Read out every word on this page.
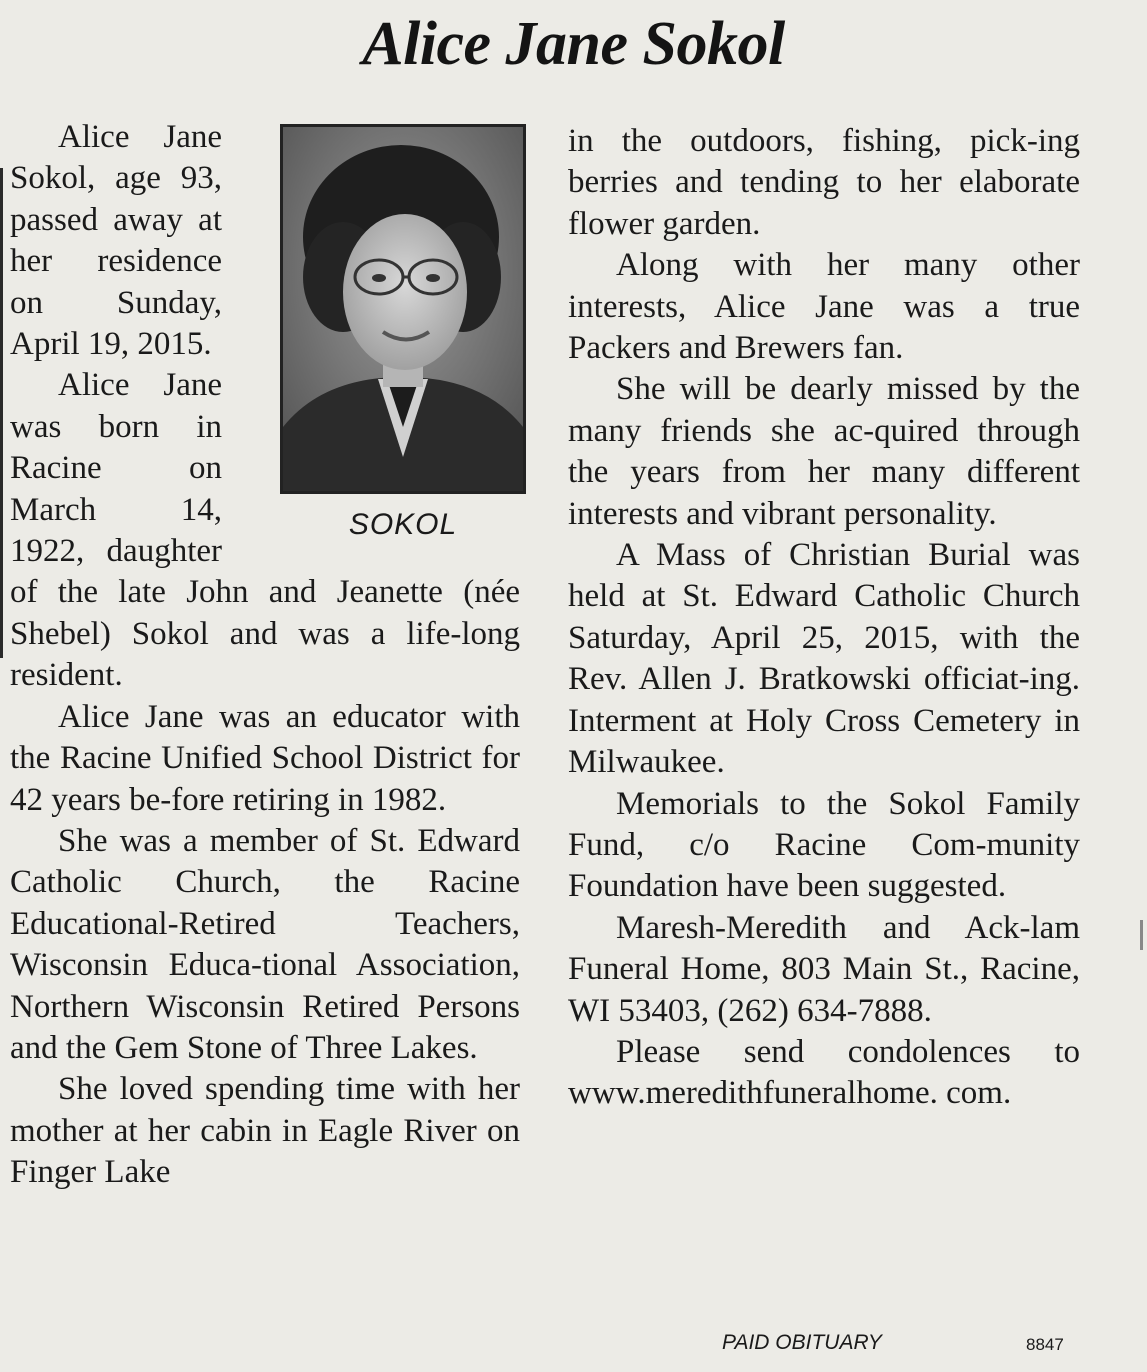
Alice Jane Sokol
SOKOL

Alice Jane Sokol, age 93, passed away at her residence on Sunday, April 19, 2015.

Alice Jane was born in Racine on March 14, 1922, daughter of the late John and Jeanette (née Shebel) Sokol and was a life-long resident.

Alice Jane was an educator with the Racine Unified School District for 42 years be-fore retiring in 1982.

She was a member of St. Edward Catholic Church, the Racine Educational-Retired Teachers, Wisconsin Educa-tional Association, Northern Wisconsin Retired Persons and the Gem Stone of Three Lakes.

She loved spending time with her mother at her cabin in Eagle River on Finger Lake

in the outdoors, fishing, pick-ing berries and tending to her elaborate flower garden.

Along with her many other interests, Alice Jane was a true Packers and Brewers fan.

She will be dearly missed by the many friends she ac-quired through the years from her many different interests and vibrant personality.

A Mass of Christian Burial was held at St. Edward Catholic Church Saturday, April 25, 2015, with the Rev. Allen J. Bratkowski officiat-ing. Interment at Holy Cross Cemetery in Milwaukee.

Memorials to the Sokol Family Fund, c/o Racine Com-munity Foundation have been suggested.

Maresh-Meredith and Ack-lam Funeral Home, 803 Main St., Racine, WI 53403, (262) 634-7888.

Please send condolences to www.meredithfuneralhome. com.

PAID OBITUARY	8847
